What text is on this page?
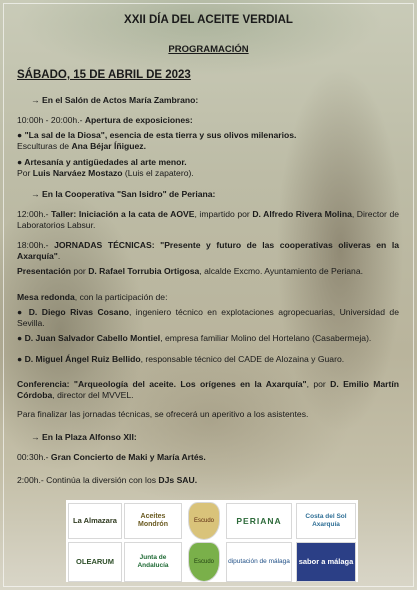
XXII DÍA DEL ACEITE VERDIAL
PROGRAMACIÓN
SÁBADO, 15 DE ABRIL DE 2023
→ En el Salón de Actos María Zambrano:
10:00h - 20:00h.- Apertura de exposiciones:
● "La sal de la Diosa", esencia de esta tierra y sus olivos milenarios.
Esculturas de Ana Béjar Íñiguez.
● Artesanía y antigüedades al arte menor.
Por Luis Narváez Mostazo (Luis el zapatero).
→ En la Cooperativa "San Isidro" de Periana:
12:00h.- Taller: Iniciación a la cata de AOVE, impartido por D. Alfredo Rivera Molina, Director de Laboratorios Labsur.
18:00h.- JORNADAS TÉCNICAS: "Presente y futuro de las cooperativas oliveras en la Axarquía".
Presentación por D. Rafael Torrubia Ortigosa, alcalde Excmo. Ayuntamiento de Periana.
Mesa redonda, con la participación de:
● D. Diego Rivas Cosano, ingeniero técnico en explotaciones agropecuarias, Universidad de Sevilla.
● D. Juan Salvador Cabello Montiel, empresa familiar Molino del Hortelano (Casabermeja).
● D. Miguel Ángel Ruiz Bellido, responsable técnico del CADE de Alozaina y Guaro.
Conferencia: "Arqueología del aceite. Los orígenes en la Axarquía", por D. Emilio Martín Córdoba, director del MVVEL.
Para finalizar las jornadas técnicas, se ofrecerá un aperitivo a los asistentes.
→ En la Plaza Alfonso XII:
00:30h.- Gran Concierto de Maki y María Artés.
2:00h.- Continúa la diversión con los DJs SAU.
La Almazara	Aceites Mondrón	Escudo	PERIANA	Costa del Sol Axarquía
OLEARUM	Junta de Andalucía	Escudo	diputación de málaga	sabor a málaga
